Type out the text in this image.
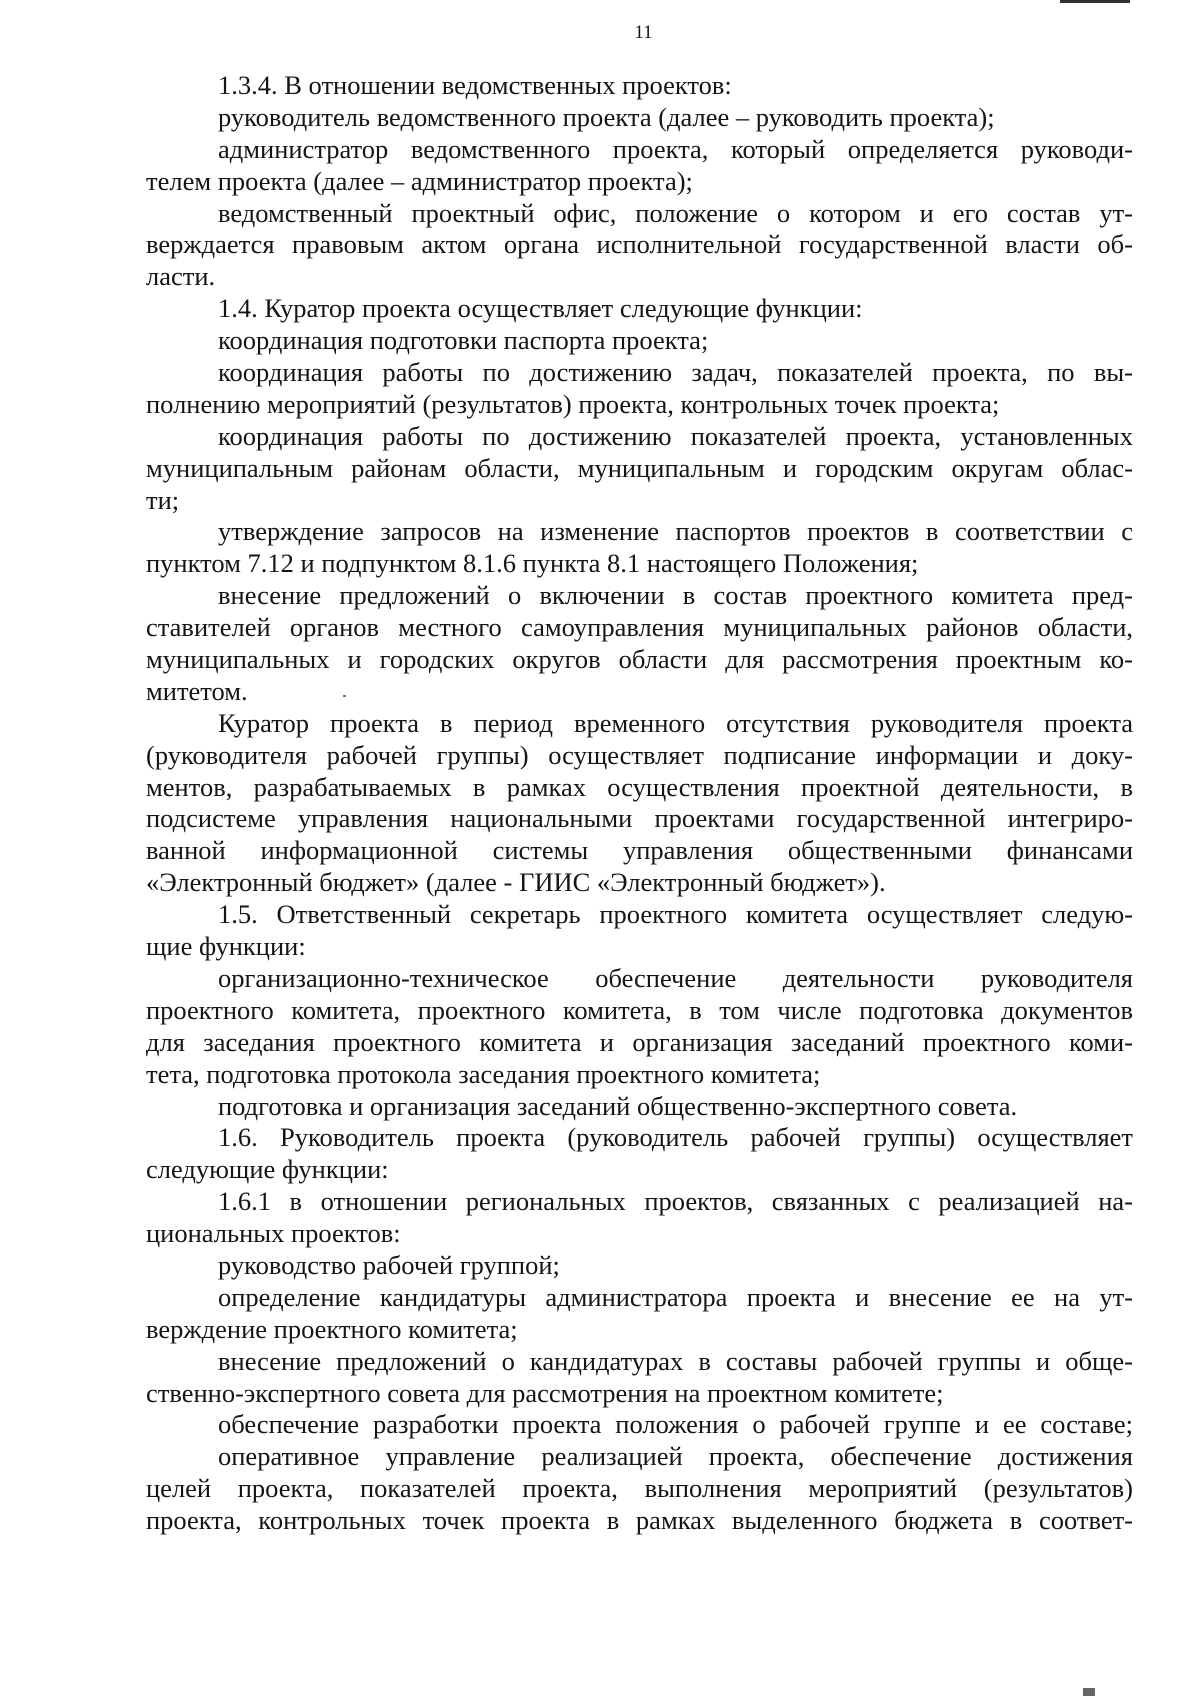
11
1.3.4. В отношении ведомственных проектов:
руководитель ведомственного проекта (далее – руководить проекта);
администратор ведомственного проекта, который определяется руководи-
телем проекта (далее – администратор проекта);
ведомственный проектный офис, положение о котором и его состав ут-
верждается правовым актом органа исполнительной государственной власти об-
ласти.
1.4. Куратор проекта осуществляет следующие функции:
координация подготовки паспорта проекта;
координация работы по достижению задач, показателей проекта, по вы-
полнению мероприятий (результатов) проекта, контрольных точек проекта;
координация работы по достижению показателей проекта, установленных
муниципальным районам области, муниципальным и городским округам облас-
ти;
утверждение запросов на изменение паспортов проектов в соответствии с
пунктом 7.12 и подпунктом 8.1.6 пункта 8.1 настоящего Положения;
внесение предложений о включении в состав проектного комитета пред-
ставителей органов местного самоуправления муниципальных районов области,
муниципальных и городских округов области для рассмотрения проектным ко-
митетом.
Куратор проекта в период временного отсутствия руководителя проекта
(руководителя рабочей группы) осуществляет подписание информации и доку-
ментов, разрабатываемых в рамках осуществления проектной деятельности, в
подсистеме управления национальными проектами государственной интегриро-
ванной информационной системы управления общественными финансами
«Электронный бюджет» (далее - ГИИС «Электронный бюджет»).
1.5. Ответственный секретарь проектного комитета осуществляет следую-
щие функции:
организационно-техническое обеспечение деятельности руководителя
проектного комитета, проектного комитета, в том числе подготовка документов
для заседания проектного комитета и организация заседаний проектного коми-
тета, подготовка протокола заседания проектного комитета;
подготовка и организация заседаний общественно-экспертного совета.
1.6. Руководитель проекта (руководитель рабочей группы) осуществляет
следующие функции:
1.6.1 в отношении региональных проектов, связанных с реализацией на-
циональных проектов:
руководство рабочей группой;
определение кандидатуры администратора проекта и внесение ее на ут-
верждение проектного комитета;
внесение предложений о кандидатурах в составы рабочей группы и обще-
ственно-экспертного совета для рассмотрения на проектном комитете;
обеспечение разработки проекта положения о рабочей группе и ее составе;
оперативное управление реализацией проекта, обеспечение достижения
целей проекта, показателей проекта, выполнения мероприятий (результатов)
проекта, контрольных точек проекта в рамках выделенного бюджета в соответ-
